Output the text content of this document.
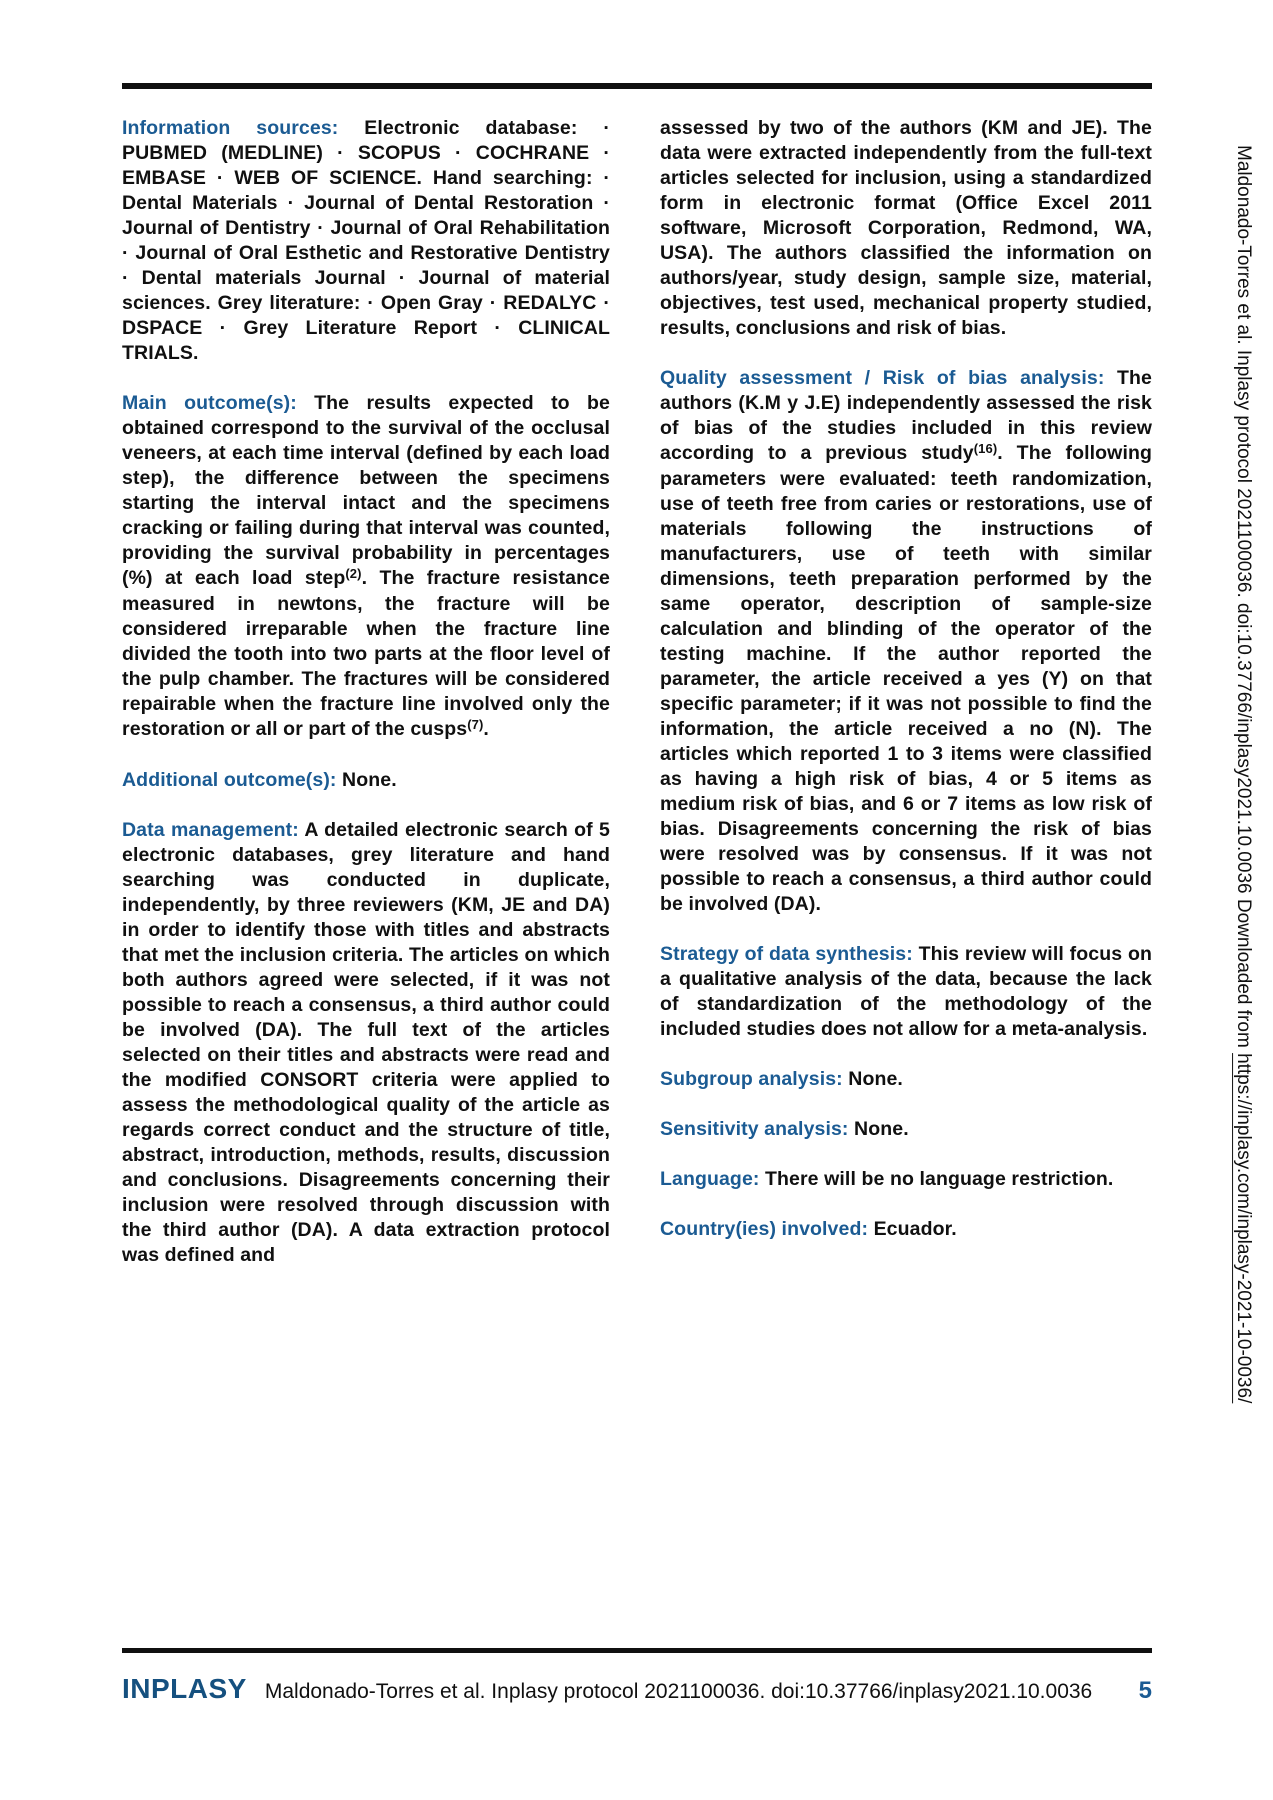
Information sources: Electronic database: · PUBMED (MEDLINE) · SCOPUS · COCHRANE · EMBASE · WEB OF SCIENCE. Hand searching: · Dental Materials · Journal of Dental Restoration · Journal of Dentistry · Journal of Oral Rehabilitation · Journal of Oral Esthetic and Restorative Dentistry · Dental materials Journal · Journal of material sciences. Grey literature: · Open Gray · REDALYC · DSPACE · Grey Literature Report · CLINICAL TRIALS.

Main outcome(s): The results expected to be obtained correspond to the survival of the occlusal veneers, at each time interval (defined by each load step), the difference between the specimens starting the interval intact and the specimens cracking or failing during that interval was counted, providing the survival probability in percentages (%) at each load step$^{(2)}$. The fracture resistance measured in newtons, the fracture will be considered irreparable when the fracture line divided the tooth into two parts at the floor level of the pulp chamber. The fractures will be considered repairable when the fracture line involved only the restoration or all or part of the cusps$^{(7)}$.

Additional outcome(s): None.

Data management: A detailed electronic search of 5 electronic databases, grey literature and hand searching was conducted in duplicate, independently, by three reviewers (KM, JE and DA) in order to identify those with titles and abstracts that met the inclusion criteria. The articles on which both authors agreed were selected, if it was not possible to reach a consensus, a third author could be involved (DA). The full text of the articles selected on their titles and abstracts were read and the modified CONSORT criteria were applied to assess the methodological quality of the article as regards correct conduct and the structure of title, abstract, introduction, methods, results, discussion and conclusions. Disagreements concerning their inclusion were resolved through discussion with the third author (DA). A data extraction protocol was defined and

assessed by two of the authors (KM and JE). The data were extracted independently from the full-text articles selected for inclusion, using a standardized form in electronic format (Office Excel 2011 software, Microsoft Corporation, Redmond, WA, USA). The authors classified the information on authors/year, study design, sample size, material, objectives, test used, mechanical property studied, results, conclusions and risk of bias.

Quality assessment / Risk of bias analysis: The authors (K.M y J.E) independently assessed the risk of bias of the studies included in this review according to a previous study$^{(16)}$. The following parameters were evaluated: teeth randomization, use of teeth free from caries or restorations, use of materials following the instructions of manufacturers, use of teeth with similar dimensions, teeth preparation performed by the same operator, description of sample-size calculation and blinding of the operator of the testing machine. If the author reported the parameter, the article received a yes (Y) on that specific parameter; if it was not possible to find the information, the article received a no (N). The articles which reported 1 to 3 items were classified as having a high risk of bias, 4 or 5 items as medium risk of bias, and 6 or 7 items as low risk of bias. Disagreements concerning the risk of bias were resolved was by consensus. If it was not possible to reach a consensus, a third author could be involved (DA).

Strategy of data synthesis: This review will focus on a qualitative analysis of the data, because the lack of standardization of the methodology of the included studies does not allow for a meta-analysis.

Subgroup analysis: None.

Sensitivity analysis: None.

Language: There will be no language restriction.

Country(ies) involved: Ecuador.

Maldonado-Torres et al. Inplasy protocol 2021100036. doi:10.37766/inplasy2021.10.0036 Downloaded from https://inplasy.com/inplasy-2021-10-0036/
INPLASY Maldonado-Torres et al. Inplasy protocol 2021100036. doi:10.37766/inplasy2021.10.0036 5
